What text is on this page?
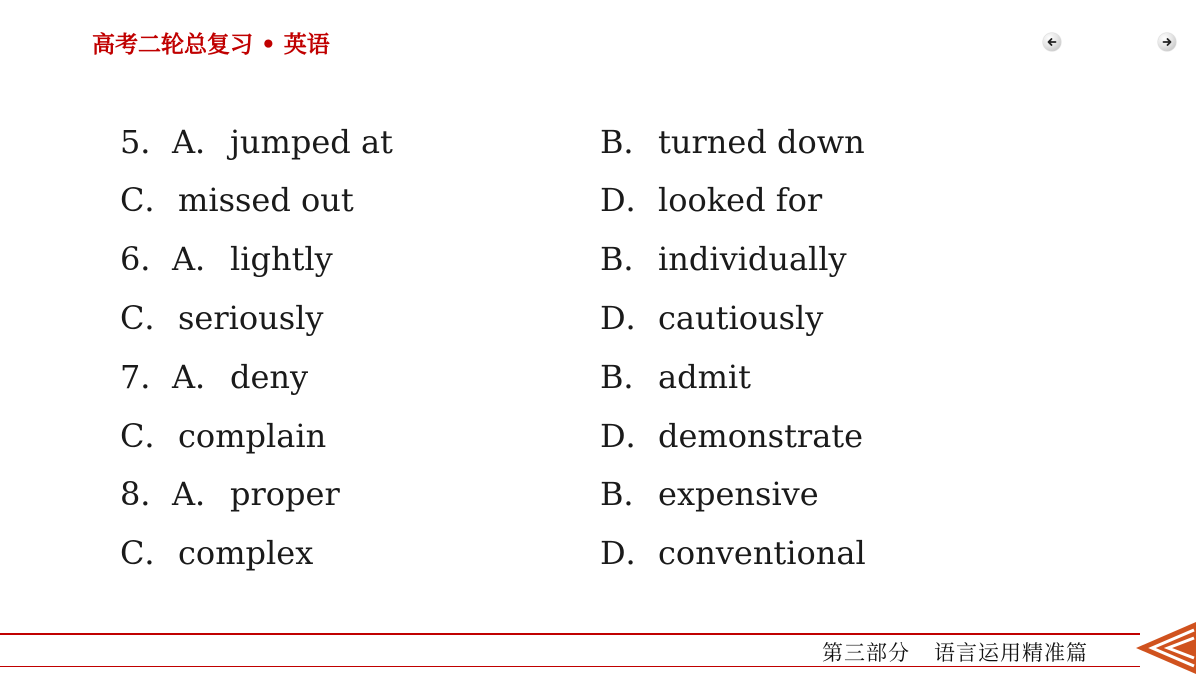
高考二轮总复习 • 英语
5．A．jumped at	B．turned down
C．missed out	D．looked for
6．A．lightly	B．individually
C．seriously	D．cautiously
7．A．deny	B．admit
C．complain	D．demonstrate
8．A．proper	B．expensive
C．complex	D．conventional
第三部分 语言运用精准篇
